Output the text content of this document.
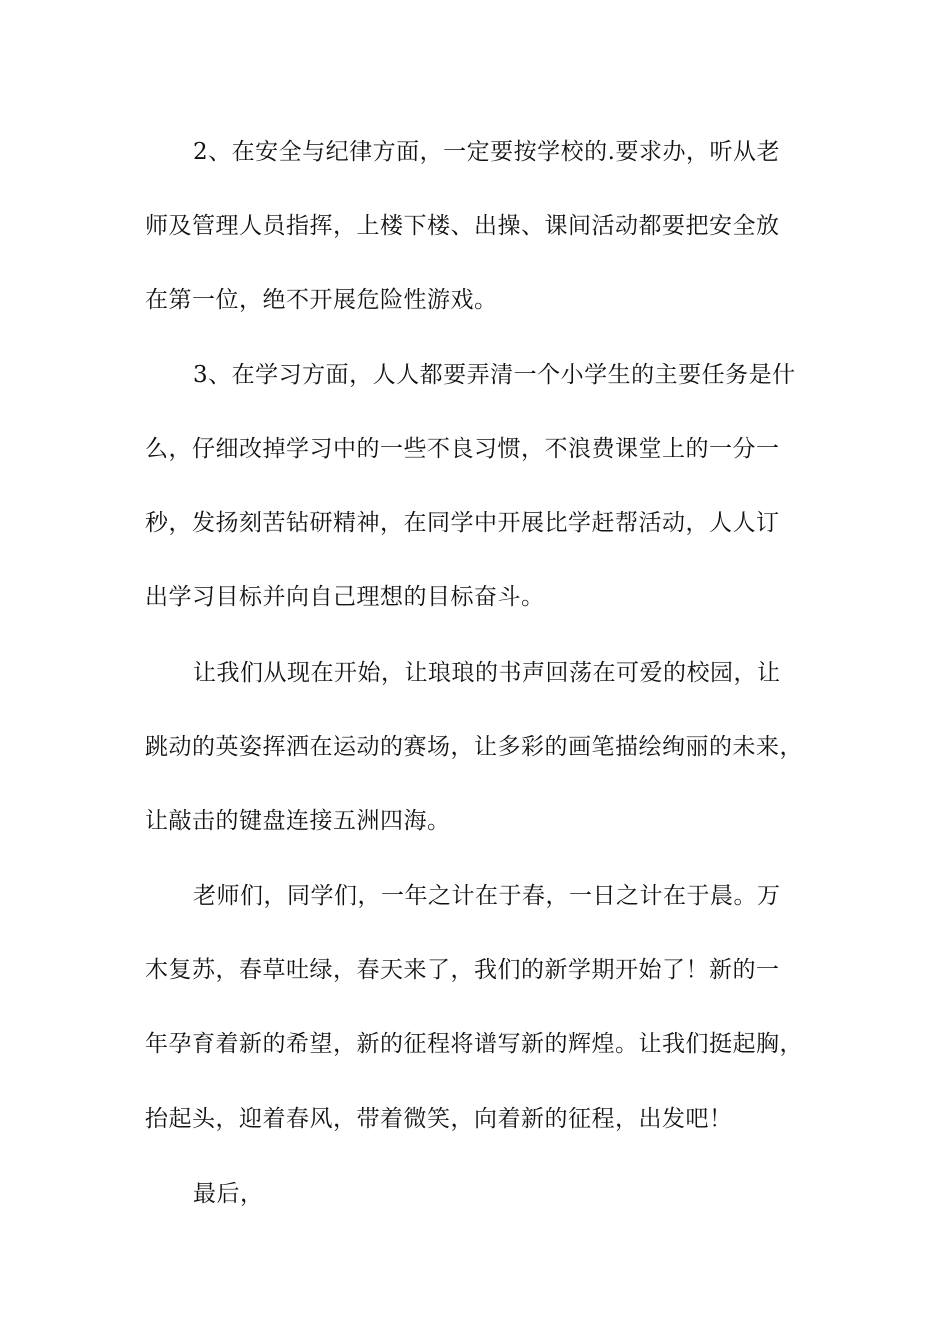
2、在安全与纪律方面，一定要按学校的.要求办，听从老
师及管理人员指挥，上楼下楼、出操、课间活动都要把安全放
在第一位，绝不开展危险性游戏。
3、在学习方面，人人都要弄清一个小学生的主要任务是什
么，仔细改掉学习中的一些不良习惯，不浪费课堂上的一分一
秒，发扬刻苦钻研精神，在同学中开展比学赶帮活动，人人订
出学习目标并向自己理想的目标奋斗。
让我们从现在开始，让琅琅的书声回荡在可爱的校园，让
跳动的英姿挥洒在运动的赛场，让多彩的画笔描绘绚丽的未来，
让敲击的键盘连接五洲四海。
老师们，同学们，一年之计在于春，一日之计在于晨。万
木复苏，春草吐绿，春天来了，我们的新学期开始了！新的一
年孕育着新的希望，新的征程将谱写新的辉煌。让我们挺起胸，
抬起头，迎着春风，带着微笑，向着新的征程，出发吧！
最后，
